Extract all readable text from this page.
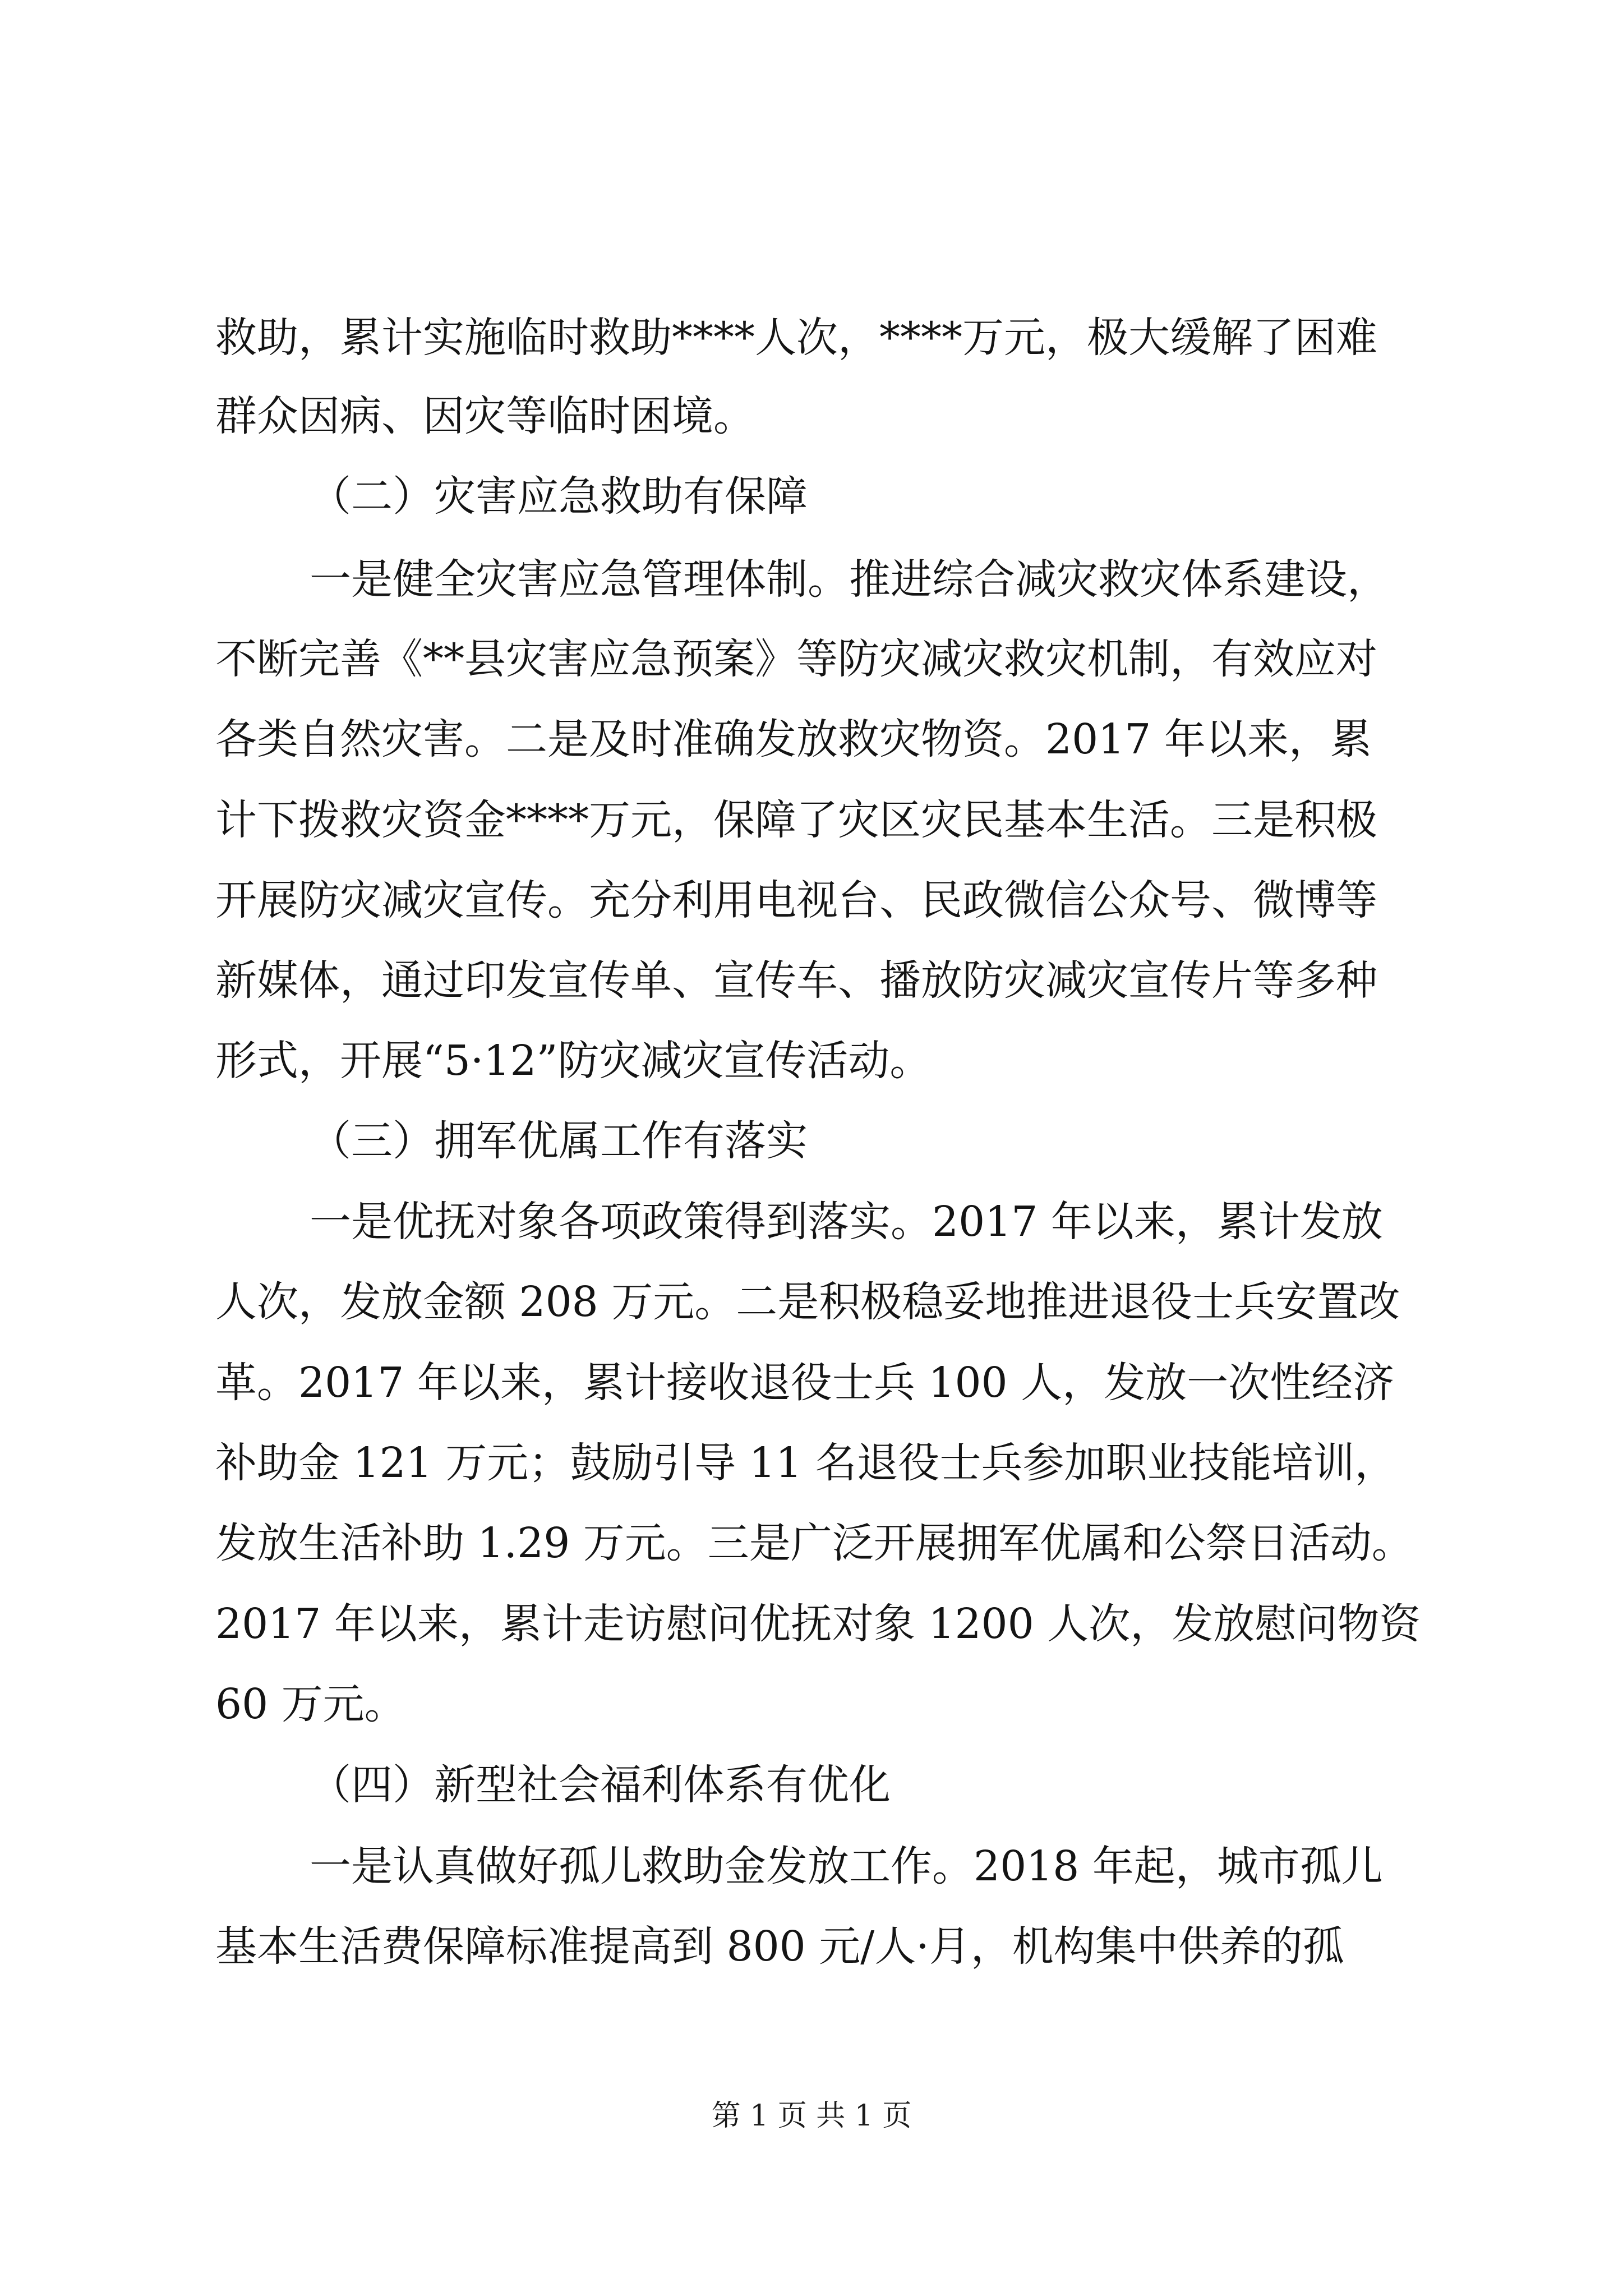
救助，累计实施临时救助****人次，****万元，极大缓解了困难

群众因病、因灾等临时困境。

（二）灾害应急救助有保障

一是健全灾害应急管理体制。推进综合减灾救灾体系建设，

不断完善《**县灾害应急预案》等防灾减灾救灾机制，有效应对

各类自然灾害。二是及时准确发放救灾物资。2017 年以来，累

计下拨救灾资金****万元，保障了灾区灾民基本生活。三是积极

开展防灾减灾宣传。充分利用电视台、民政微信公众号、微博等

新媒体，通过印发宣传单、宣传车、播放防灾减灾宣传片等多种

形式，开展“5·12”防灾减灾宣传活动。

（三）拥军优属工作有落实

一是优抚对象各项政策得到落实。2017 年以来，累计发放

人次，发放金额 208 万元。二是积极稳妥地推进退役士兵安置改

革。2017 年以来，累计接收退役士兵 100 人，发放一次性经济

补助金 121 万元；鼓励引导 11 名退役士兵参加职业技能培训，

发放生活补助 1.29 万元。三是广泛开展拥军优属和公祭日活动。

2017 年以来，累计走访慰问优抚对象 1200 人次，发放慰问物资

60 万元。

（四）新型社会福利体系有优化

一是认真做好孤儿救助金发放工作。2018 年起，城市孤儿

基本生活费保障标准提高到 800 元/人·月，机构集中供养的孤

第 1 页 共 1 页
